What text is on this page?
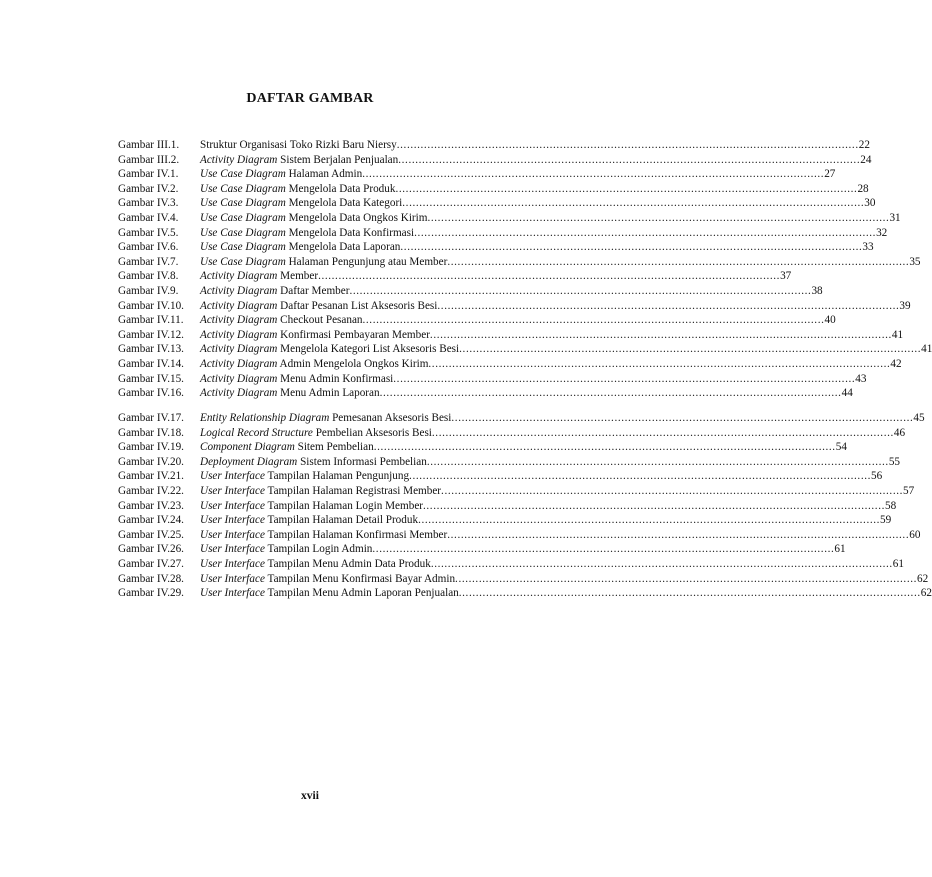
DAFTAR GAMBAR
Gambar III.1.	Struktur Organisasi Toko Rizki Baru Niersy .....	22
Gambar III.2.	Activity Diagram Sistem Berjalan Penjualan .....	24
Gambar IV.1.	Use Case Diagram Halaman Admin .....	27
Gambar IV.2.	Use Case Diagram Mengelola Data Produk .....	28
Gambar IV.3.	Use Case Diagram Mengelola Data Kategori .....	30
Gambar IV.4.	Use Case Diagram Mengelola Data Ongkos Kirim .....	31
Gambar IV.5.	Use Case Diagram Mengelola Data Konfirmasi .....	32
Gambar IV.6.	Use Case Diagram Mengelola Data Laporan .....	33
Gambar IV.7.	Use Case Diagram Halaman Pengunjung atau Member .....	35
Gambar IV.8.	Activity Diagram Member .....	37
Gambar IV.9.	Activity Diagram Daftar Member .....	38
Gambar IV.10.	Activity Diagram Daftar Pesanan List Aksesoris Besi .....	39
Gambar IV.11.	Activity Diagram Checkout Pesanan .....	40
Gambar IV.12.	Activity Diagram Konfirmasi Pembayaran Member .....	41
Gambar IV.13.	Activity Diagram Mengelola Kategori List Aksesoris Besi .....	41
Gambar IV.14.	Activity Diagram Admin Mengelola Ongkos Kirim .....	42
Gambar IV.15.	Activity Diagram Menu Admin Konfirmasi .....	43
Gambar IV.16.	Activity Diagram Menu Admin Laporan .....	44
Gambar IV.17.	Entity Relationship Diagram Pemesanan Aksesoris Besi .....	45
Gambar IV.18.	Logical Record Structure Pembelian Aksesoris Besi .....	46
Gambar IV.19.	Component Diagram Sitem Pembelian .....	54
Gambar IV.20.	Deployment Diagram Sistem Informasi Pembelian .....	55
Gambar IV.21.	User Interface Tampilan Halaman Pengunjung .....	56
Gambar IV.22.	User Interface Tampilan Halaman Registrasi Member .....	57
Gambar IV.23.	User Interface Tampilan Halaman Login Member .....	58
Gambar IV.24.	User Interface Tampilan Halaman Detail Produk .....	59
Gambar IV.25.	User Interface Tampilan Halaman Konfirmasi Member .....	60
Gambar IV.26.	User Interface Tampilan Login Admin .....	61
Gambar IV.27.	User Interface Tampilan Menu Admin Data Produk .....	61
Gambar IV.28.	User Interface Tampilan Menu Konfirmasi Bayar Admin .....	62
Gambar IV.29.	User Interface Tampilan Menu Admin Laporan Penjualan .....	62
xvii
